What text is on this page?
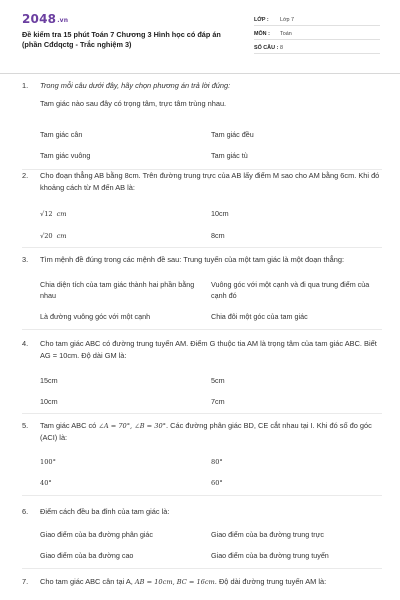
2048.vn
Đề kiểm tra 15 phút Toán 7 Chương 3 Hình học có đáp án (phần Cđdqctg - Trắc nghiệm 3)
LỚP :	Lớp 7
MÔN :	Toán
SỐ CÂU : 8
1. Trong mỗi câu dưới đây, hãy chọn phương án trả lời đúng:
Tam giác nào sau đây có trọng tâm, trực tâm trùng nhau.
Tam giác cân	Tam giác đều
Tam giác vuông	Tam giác tù
2. Cho đoạn thẳng AB bằng 8cm. Trên đường trung trực của AB lấy điểm M sao cho AM bằng 6cm. Khi đó khoảng cách từ M đến AB là:
√12 cm	10cm
√20 cm	8cm
3. Tìm mệnh đề đúng trong các mệnh đề sau: Trung tuyến của một tam giác là một đoạn thẳng:
Chia diện tích của tam giác thành hai phần bằng nhau
Vuông góc với một cạnh và đi qua trung điểm của cạnh đó
Là đường vuông góc với một cạnh	Chia đôi một góc của tam giác
4. Cho tam giác ABC có đường trung tuyến AM. Điểm G thuộc tia AM là trọng tâm của tam giác ABC. Biết AG = 10cm. Độ dài GM là:
15cm	5cm
10cm	7cm
5. Tam giác ABC có ∠A = 70°, ∠B = 30°. Các đường phân giác BD, CE cắt nhau tại I. Khi đó số đo góc (ACI) là:
100°	80°
40°	60°
6. Điểm cách đều ba đỉnh của tam giác là:
Giao điểm của ba đường phân giác	Giao điểm của ba đường trung trực
Giao điểm của ba đường cao	Giao điểm của ba đường trung tuyến
7. Cho tam giác ABC cân tại A, AB = 10cm, BC = 16cm. Độ dài đường trung tuyến AM là:
